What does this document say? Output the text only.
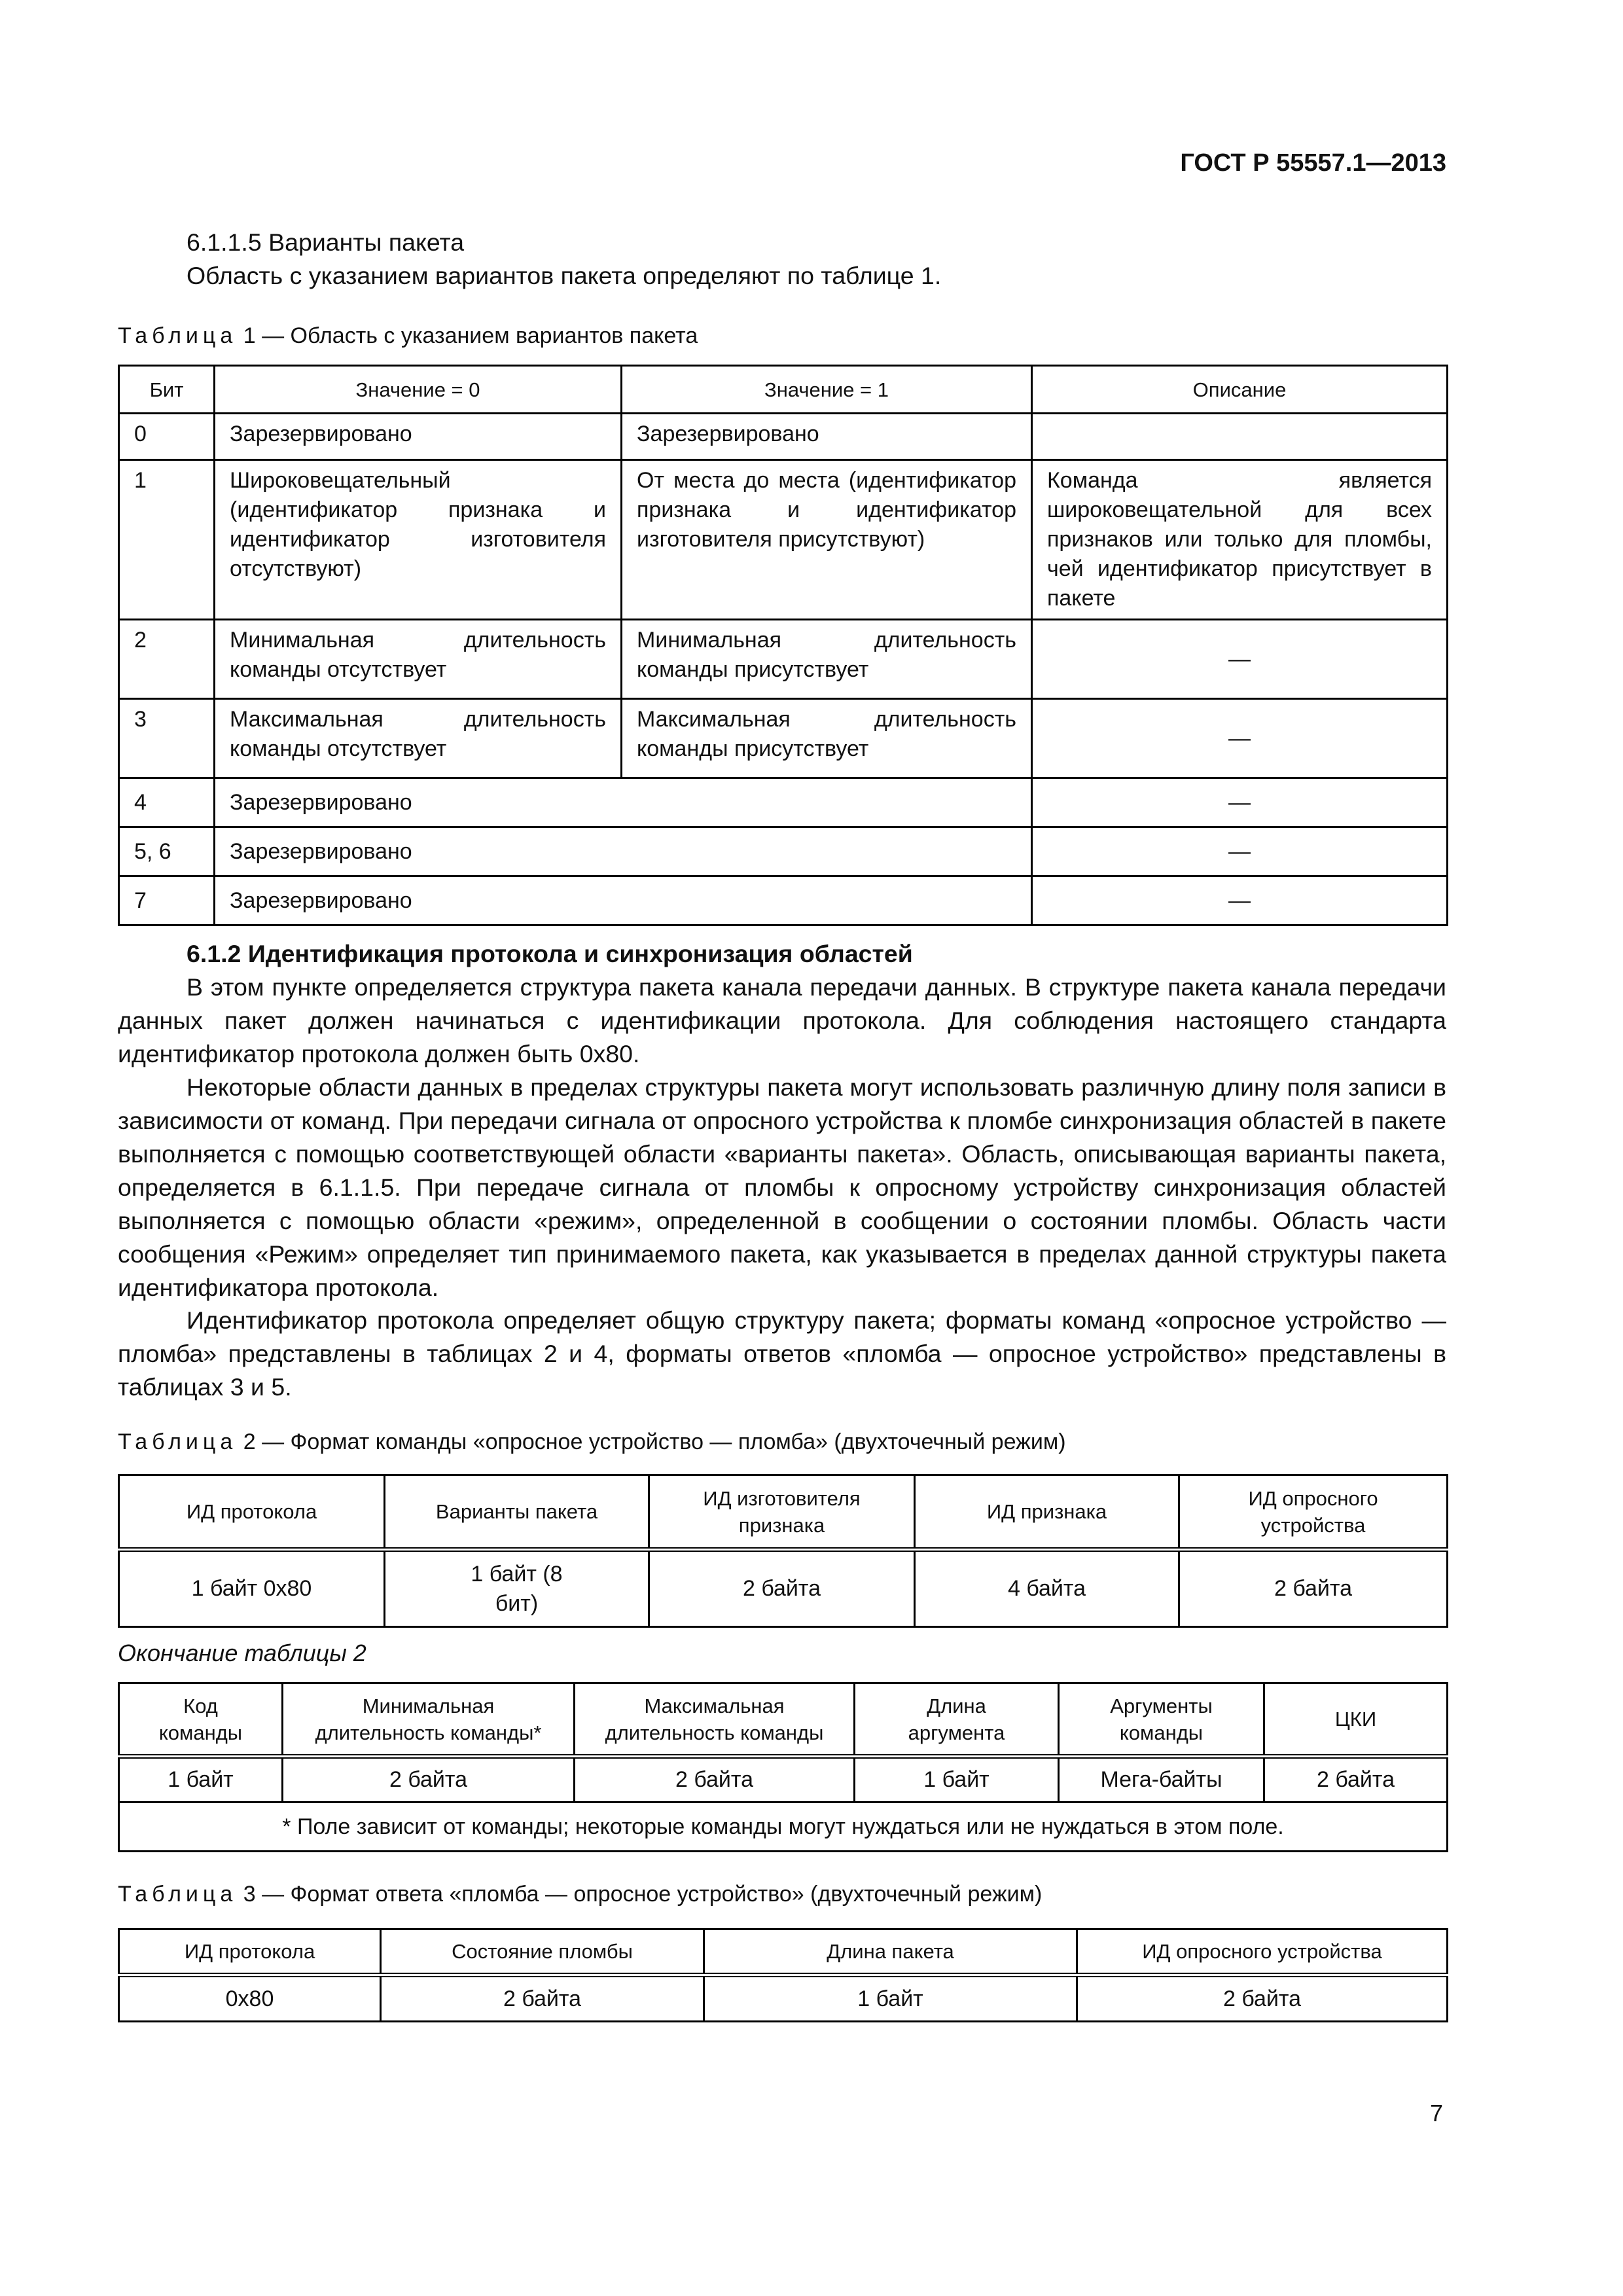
ГОСТ Р 55557.1—2013
6.1.1.5 Варианты пакета
Область с указанием вариантов пакета определяют по таблице 1.
Таблица 1 — Область с указанием вариантов пакета
Бит	Значение = 0	Значение = 1	Описание
0	Зарезервировано	Зарезервировано	
1	Широковещательный (идентификатор признака и идентификатор изготовителя отсутствуют)	От места до места (идентификатор признака и идентификатор изготовителя присутствуют)	Команда является широковещательной для всех признаков или только для пломбы, чей идентификатор присутствует в пакете
2	Минимальная длительность команды отсутствует	Минимальная длительность команды присутствует	—
3	Максимальная длительность команды отсутствует	Максимальная длительность команды присутствует	—
4	Зарезервировано		—
5, 6	Зарезервировано		—
7	Зарезервировано		—
6.1.2 Идентификация протокола и синхронизация областей
В этом пункте определяется структура пакета канала передачи данных. В структуре пакета канала передачи данных пакет должен начинаться с идентификации протокола. Для соблюдения настоящего стандарта идентификатор протокола должен быть 0x80.
Некоторые области данных в пределах структуры пакета могут использовать различную длину поля записи в зависимости от команд. При передачи сигнала от опросного устройства к пломбе синхронизация областей в пакете выполняется с помощью соответствующей области «варианты пакета». Область, описывающая варианты пакета, определяется в 6.1.1.5. При передаче сигнала от пломбы к опросному устройству синхронизация областей выполняется с помощью области «режим», определенной в сообщении о состоянии пломбы. Область части сообщения «Режим» определяет тип принимаемого пакета, как указывается в пределах данной структуры пакета идентификатора протокола.
Идентификатор протокола определяет общую структуру пакета; форматы команд «опросное устройство — пломба» представлены в таблицах 2 и 4, форматы ответов «пломба — опросное устройство» представлены в таблицах 3 и 5.
Таблица 2 — Формат команды «опросное устройство — пломба» (двухточечный режим)
ИД протокола	Варианты пакета	ИД изготовителя признака	ИД признака	ИД опросного устройства
1 байт 0x80	1 байт (8 бит)	2 байта	4 байта	2 байта
Окончание таблицы 2
Код команды	Минимальная длительность команды*	Максимальная длительность команды	Длина аргумента	Аргументы команды	ЦКИ
1 байт	2 байта	2 байта	1 байт	Мега-байты	2 байта
* Поле зависит от команды; некоторые команды могут нуждаться или не нуждаться в этом поле.					
Таблица 3 — Формат ответа «пломба — опросное устройство» (двухточечный режим)
ИД протокола	Состояние пломбы	Длина пакета	ИД опросного устройства
0x80	2 байта	1 байт	2 байта
7
